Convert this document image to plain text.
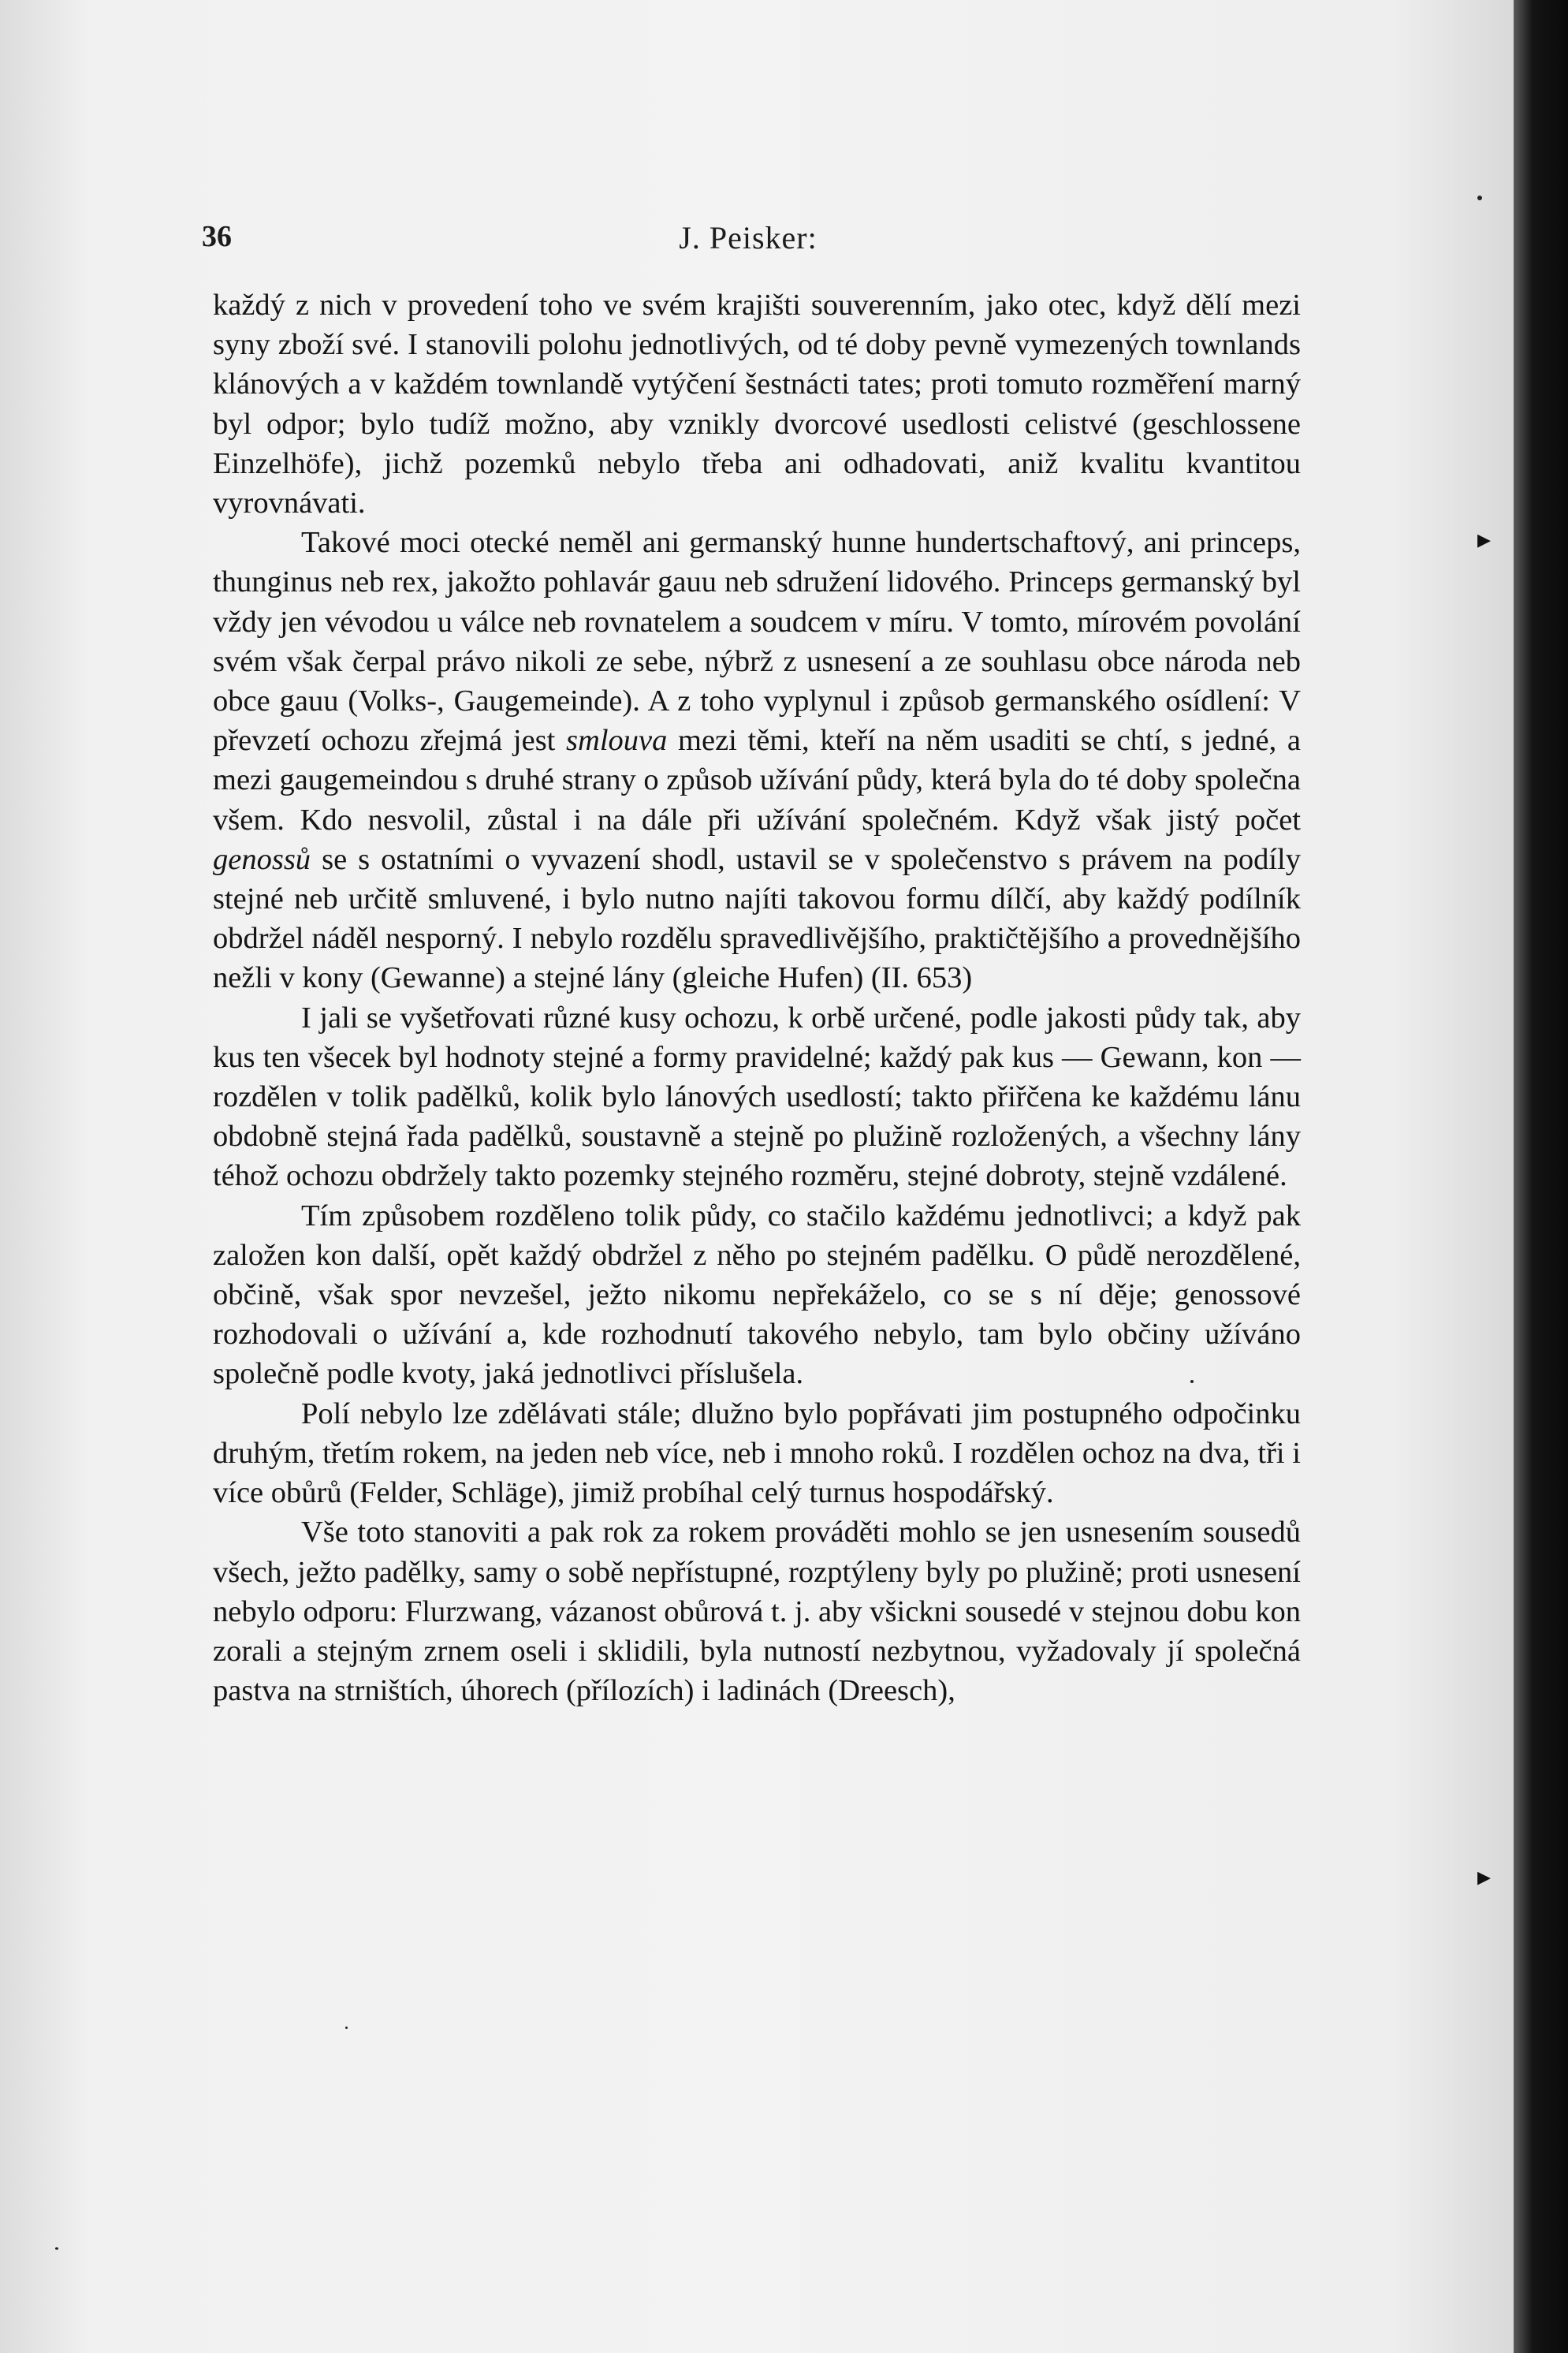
▸
▸
36	J. Peisker:

každý z nich v provedení toho ve svém krajišti souverenním, jako otec, když dělí mezi syny zboží své. I stanovili polohu jednotlivých, od té doby pevně vymezených townlands klánových a v každém townlandě vytýčení šestnácti tates; proti tomuto rozměření marný byl odpor; bylo tudíž možno, aby vznikly dvorcové usedlosti celistvé (geschlossene Einzelhöfe), jichž pozemků nebylo třeba ani odhadovati, aniž kvalitu kvantitou vyrovnávati.

Takové moci otecké neměl ani germanský hunne hundertschaftový, ani princeps, thunginus neb rex, jakožto pohlavár gauu neb sdružení lidového. Princeps germanský byl vždy jen vévodou u válce neb rovnatelem a soudcem v míru. V tomto, mírovém povolání svém však čerpal právo nikoli ze sebe, nýbrž z usnesení a ze souhlasu obce národa neb obce gauu (Volks-, Gaugemeinde). A z toho vyplynul i způsob germanského osídlení: V převzetí ochozu zřejmá jest smlouva mezi těmi, kteří na něm usaditi se chtí, s jedné, a mezi gaugemeindou s druhé strany o způsob užívání půdy, která byla do té doby společna všem. Kdo nesvolil, zůstal i na dále při užívání společném. Když však jistý počet genossů se s ostatními o vyvazení shodl, ustavil se v společenstvo s právem na podíly stejné neb určitě smluvené, i bylo nutno najíti takovou formu dílčí, aby každý podílník obdržel náděl nesporný. I nebylo rozdělu spravedlivějšího, praktičtějšího a provednějšího nežli v kony (Gewanne) a stejné lány (gleiche Hufen) (II. 653)

I jali se vyšetřovati různé kusy ochozu, k orbě určené, podle jakosti půdy tak, aby kus ten všecek byl hodnoty stejné a formy pravidelné; každý pak kus — Gewann, kon — rozdělen v tolik padělků, kolik bylo lánových usedlostí; takto přiřčena ke každému lánu obdobně stejná řada padělků, soustavně a stejně po plužině rozložených, a všechny lány téhož ochozu obdržely takto pozemky stejného rozměru, stejné dobroty, stejně vzdálené.

Tím způsobem rozděleno tolik půdy, co stačilo každému jednotlivci; a když pak založen kon další, opět každý obdržel z něho po stejném padělku. O půdě nerozdělené, občině, však spor nevzešel, ježto nikomu nepřekáželo, co se s ní děje; genossové rozhodovali o užívání a, kde rozhodnutí takového nebylo, tam bylo občiny užíváno společně podle kvoty, jaká jednotlivci příslušela.

Polí nebylo lze zdělávati stále; dlužno bylo popřávati jim postupného odpočinku druhým, třetím rokem, na jeden neb více, neb i mnoho roků. I rozdělen ochoz na dva, tři i více obůrů (Felder, Schläge), jimiž probíhal celý turnus hospodářský.

Vše toto stanoviti a pak rok za rokem prováděti mohlo se jen usnesením sousedů všech, ježto padělky, samy o sobě nepřístupné, rozptýleny byly po plužině; proti usnesení nebylo odporu: Flurzwang, vázanost obůrová t. j. aby všickni sousedé v stejnou dobu kon zorali a stejným zrnem oseli i sklidili, byla nutností nezbytnou, vyžadovaly jí společná pastva na strništích, úhorech (přílozích) i ladinách (Dreesch),
